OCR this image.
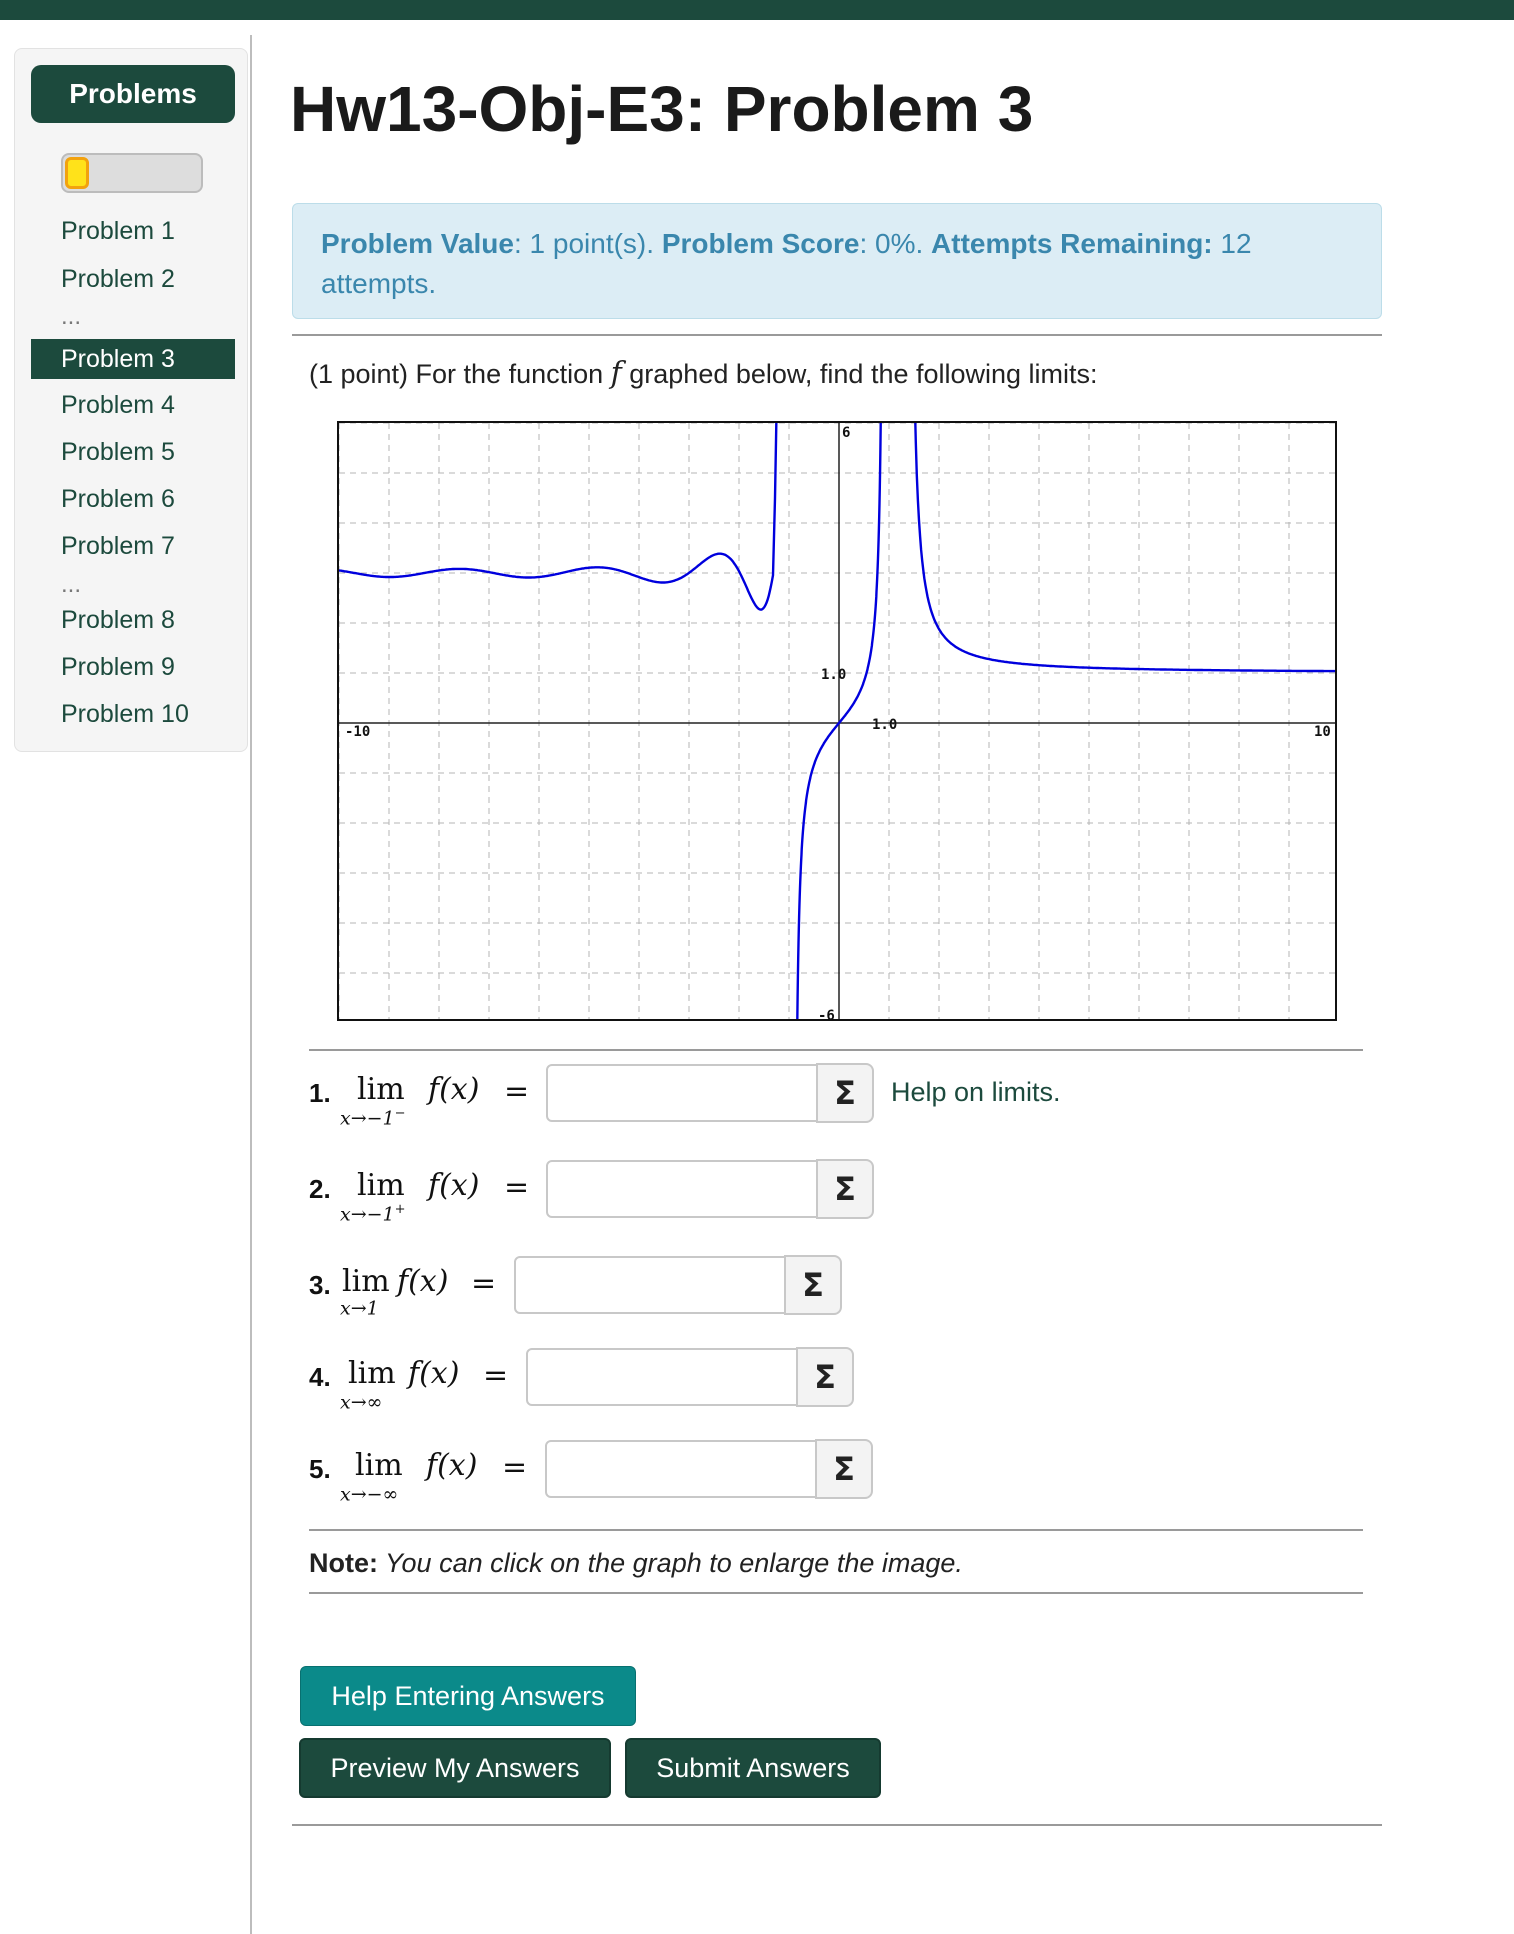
Problems
Problem 1
Problem 2
...
Problem 3
Problem 4
Problem 5
Problem 6
Problem 7
...
Problem 8
Problem 9
Problem 10
Hw13-Obj-E3: Problem 3
Problem Value: 1 point(s). Problem Score: 0%. Attempts Remaining: 12 attempts.
(1 point) For the function f graphed below, find the following limits:
-10	10
6
-6
1.0
1.0
1. lim
x→−1−
f(x) =	Σ Help on limits.
2. lim
x→−1+
f(x) =	Σ
3. lim
x→1
f(x) =	Σ
4. lim
x→∞
f(x) =	Σ
5. lim
x→−∞
f(x) =	Σ
Note: You can click on the graph to enlarge the image.
Help Entering Answers
Preview My Answers	Submit Answers
